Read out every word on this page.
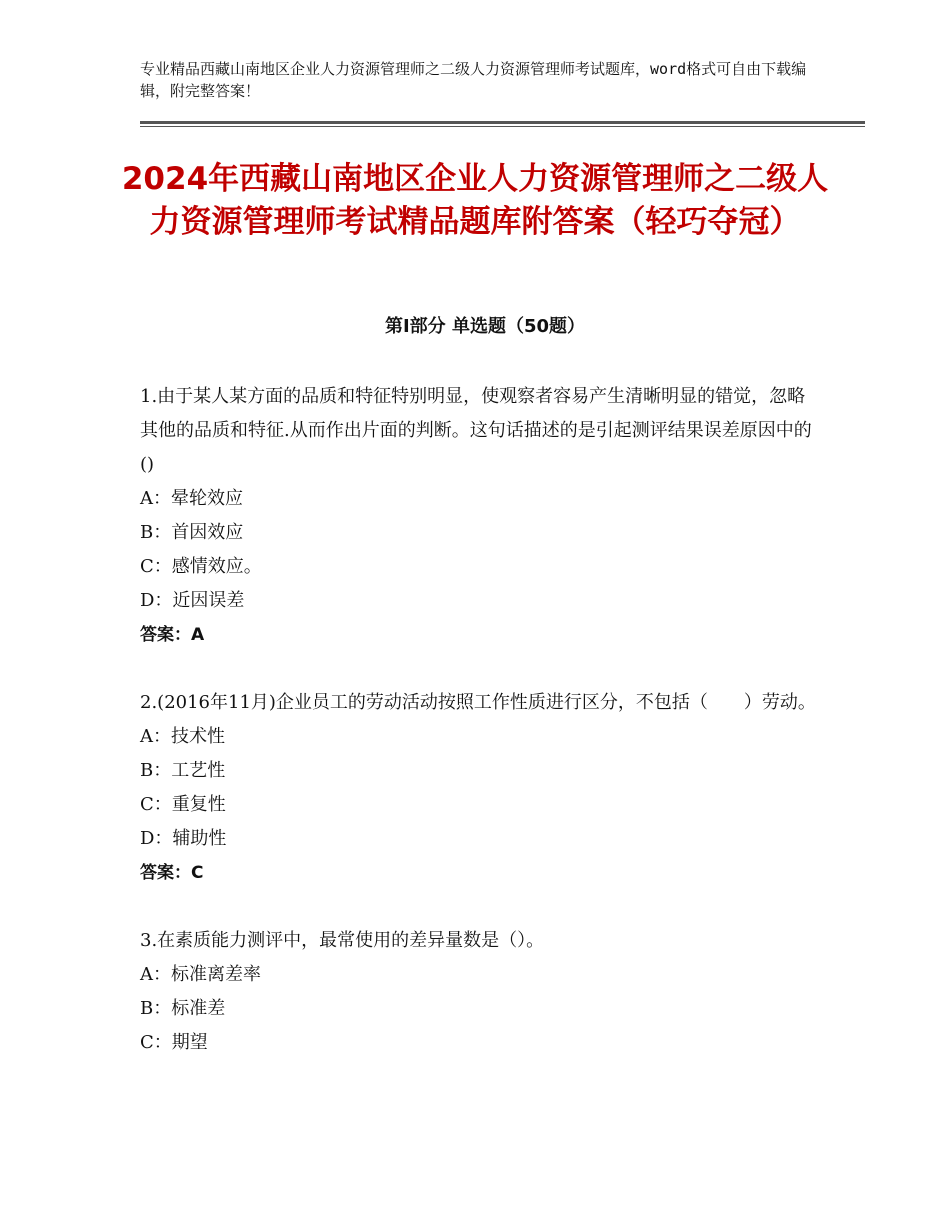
专业精品西藏山南地区企业人力资源管理师之二级人力资源管理师考试题库，word格式可自由下载编辑，附完整答案！
2024年西藏山南地区企业人力资源管理师之二级人力资源管理师考试精品题库附答案（轻巧夺冠）
第Ⅰ部分 单选题（50题）

1.由于某人某方面的品质和特征特别明显，使观察者容易产生清晰明显的错觉，忽略其他的品质和特征.从而作出片面的判断。这句话描述的是引起测评结果误差原因中的()

A：晕轮效应

B：首因效应

C：感情效应。

D：近因误差

答案：A

2.(2016年11月)企业员工的劳动活动按照工作性质进行区分，不包括（　　）劳动。

A：技术性

B：工艺性

C：重复性

D：辅助性

答案：C

3.在素质能力测评中，最常使用的差异量数是（）。

A：标准离差率

B：标准差

C：期望
